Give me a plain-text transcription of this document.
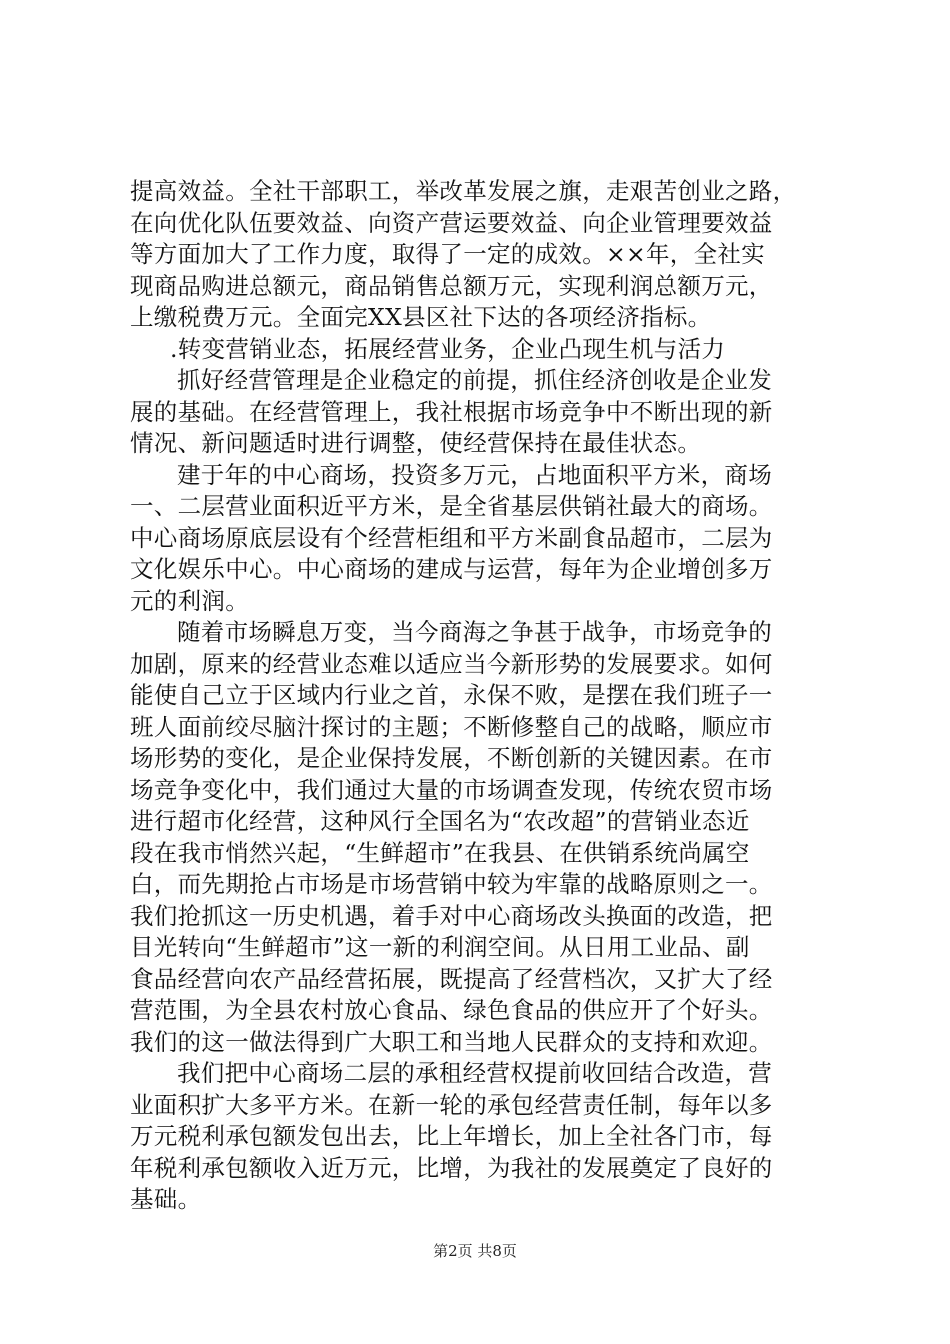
提高效益。全社干部职工，举改革发展之旗，走艰苦创业之路，
在向优化队伍要效益、向资产营运要效益、向企业管理要效益
等方面加大了工作力度，取得了一定的成效。××年，全社实
现商品购进总额元，商品销售总额万元，实现利润总额万元，
上缴税费万元。全面完XX县区社下达的各项经济指标。
.转变营销业态，拓展经营业务，企业凸现生机与活力
抓好经营管理是企业稳定的前提，抓住经济创收是企业发
展的基础。在经营管理上，我社根据市场竞争中不断出现的新
情况、新问题适时进行调整，使经营保持在最佳状态。
建于年的中心商场，投资多万元，占地面积平方米，商场
一、二层营业面积近平方米，是全省基层供销社最大的商场。
中心商场原底层设有个经营柜组和平方米副食品超市，二层为
文化娱乐中心。中心商场的建成与运营，每年为企业增创多万
元的利润。
随着市场瞬息万变，当今商海之争甚于战争，市场竞争的
加剧，原来的经营业态难以适应当今新形势的发展要求。如何
能使自己立于区域内行业之首，永保不败，是摆在我们班子一
班人面前绞尽脑汁探讨的主题；不断修整自己的战略，顺应市
场形势的变化，是企业保持发展，不断创新的关键因素。在市
场竞争变化中，我们通过大量的市场调查发现，传统农贸市场
进行超市化经营，这种风行全国名为“农改超”的营销业态近
段在我市悄然兴起，“生鲜超市”在我县、在供销系统尚属空
白，而先期抢占市场是市场营销中较为牢靠的战略原则之一。
我们抢抓这一历史机遇，着手对中心商场改头换面的改造，把
目光转向“生鲜超市”这一新的利润空间。从日用工业品、副
食品经营向农产品经营拓展，既提高了经营档次，又扩大了经
营范围，为全县农村放心食品、绿色食品的供应开了个好头。
我们的这一做法得到广大职工和当地人民群众的支持和欢迎。
我们把中心商场二层的承租经营权提前收回结合改造，营
业面积扩大多平方米。在新一轮的承包经营责任制，每年以多
万元税利承包额发包出去，比上年增长，加上全社各门市，每
年税利承包额收入近万元，比增，为我社的发展奠定了良好的
基础。
第2页 共8页
